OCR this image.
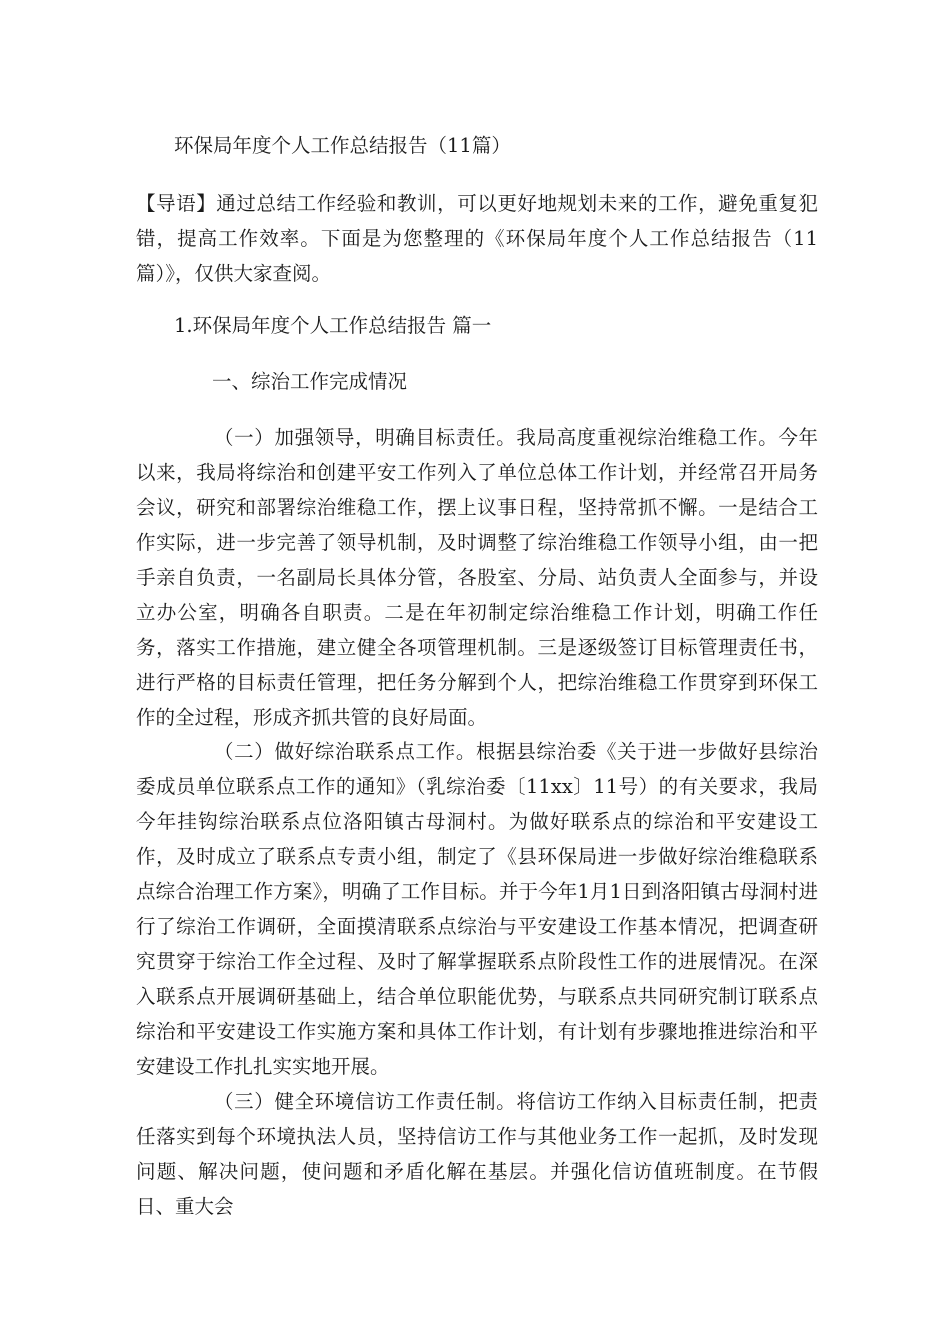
环保局年度个人工作总结报告（11篇）
【导语】通过总结工作经验和教训，可以更好地规划未来的工作，避免重复犯错，提高工作效率。下面是为您整理的《环保局年度个人工作总结报告（11篇）》，仅供大家查阅。
1.环保局年度个人工作总结报告 篇一
一、综治工作完成情况
（一）加强领导，明确目标责任。我局高度重视综治维稳工作。今年以来，我局将综治和创建平安工作列入了单位总体工作计划，并经常召开局务会议，研究和部署综治维稳工作，摆上议事日程，坚持常抓不懈。一是结合工作实际，进一步完善了领导机制，及时调整了综治维稳工作领导小组，由一把手亲自负责，一名副局长具体分管，各股室、分局、站负责人全面参与，并设立办公室，明确各自职责。二是在年初制定综治维稳工作计划，明确工作任务，落实工作措施，建立健全各项管理机制。三是逐级签订目标管理责任书，进行严格的目标责任管理，把任务分解到个人，把综治维稳工作贯穿到环保工作的全过程，形成齐抓共管的良好局面。
（二）做好综治联系点工作。根据县综治委《关于进一步做好县综治委成员单位联系点工作的通知》（乳综治委〔11xx〕11号）的有关要求，我局今年挂钩综治联系点位洛阳镇古母洞村。为做好联系点的综治和平安建设工作，及时成立了联系点专责小组，制定了《县环保局进一步做好综治维稳联系点综合治理工作方案》，明确了工作目标。并于今年1月1日到洛阳镇古母洞村进行了综治工作调研，全面摸清联系点综治与平安建设工作基本情况，把调查研究贯穿于综治工作全过程、及时了解掌握联系点阶段性工作的进展情况。在深入联系点开展调研基础上，结合单位职能优势，与联系点共同研究制订联系点综治和平安建设工作实施方案和具体工作计划，有计划有步骤地推进综治和平安建设工作扎扎实实地开展。
（三）健全环境信访工作责任制。将信访工作纳入目标责任制，把责任落实到每个环境执法人员，坚持信访工作与其他业务工作一起抓，及时发现问题、解决问题，使问题和矛盾化解在基层。并强化信访值班制度。在节假日、重大会
